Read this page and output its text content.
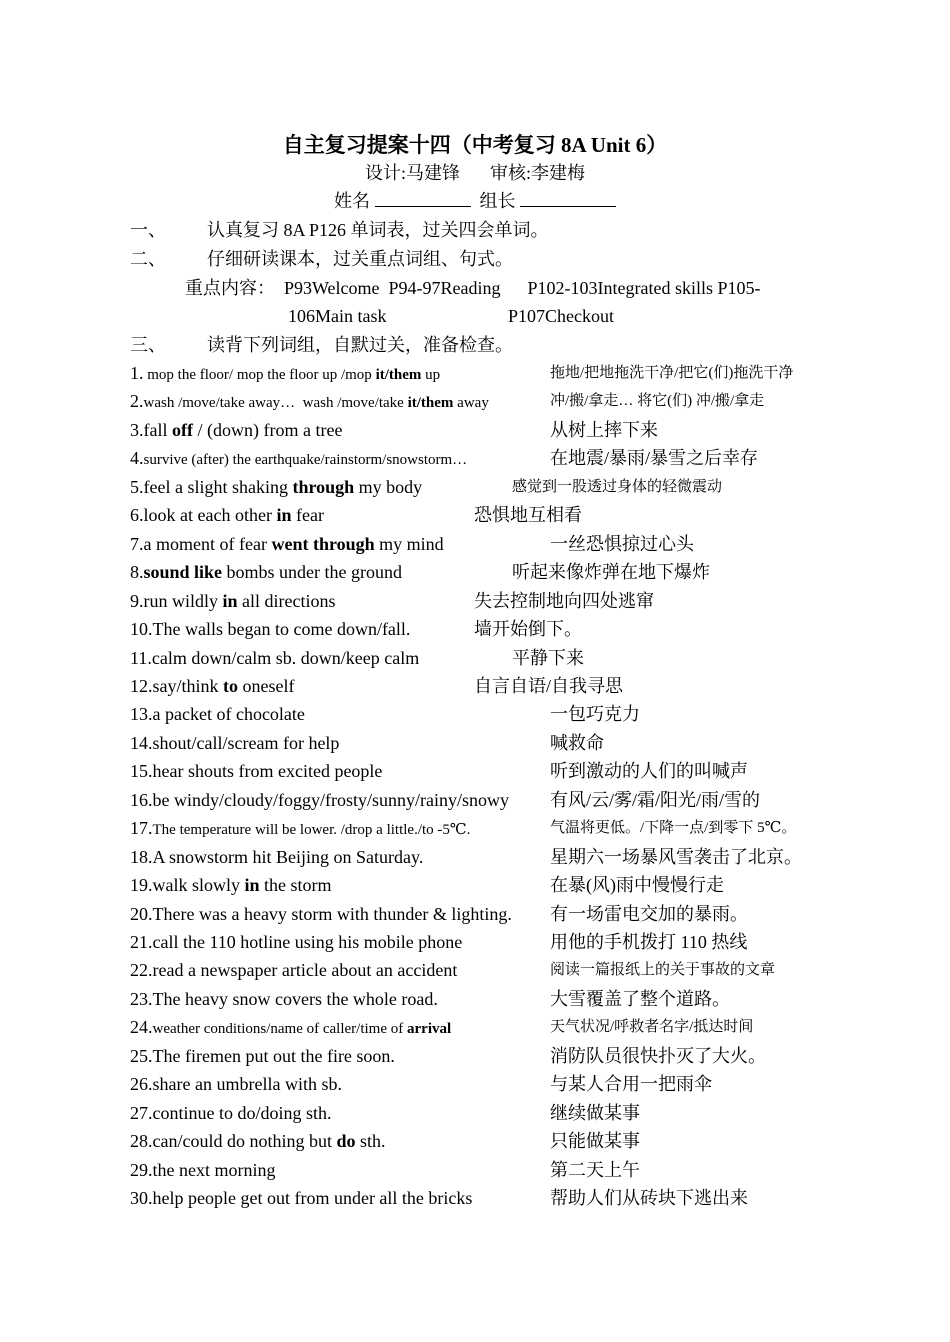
自主复习提案十四（中考复习 8A Unit 6）
设计:马建锋 审核:李建梅
姓名	组长
一、 认真复习 8A P126 单词表，过关四会单词。
二、 仔细研读课本，过关重点词组、句式。
重点内容： P93Welcome  P94-97Reading      P102-103Integrated skills P105-
106Main task                           P107Checkout
三、 读背下列词组，自默过关，准备检查。
1. mop the floor/ mop the floor up /mop it/them up	拖地/把地拖洗干净/把它(们)拖洗干净
2.wash /move/take away…  wash /move/take it/them away	冲/搬/拿走… 将它(们) 冲/搬/拿走
3.fall off / (down) from a tree	从树上摔下来
4.survive (after) the earthquake/rainstorm/snowstorm…	在地震/暴雨/暴雪之后幸存
5.feel a slight shaking through my body	感觉到一股透过身体的轻微震动
6.look at each other in fear	恐惧地互相看
7.a moment of fear went through my mind	一丝恐惧掠过心头
8.sound like bombs under the ground	听起来像炸弹在地下爆炸
9.run wildly in all directions	失去控制地向四处逃窜
10.The walls began to come down/fall.	墙开始倒下。
11.calm down/calm sb. down/keep calm	平静下来
12.say/think to oneself	自言自语/自我寻思
13.a packet of chocolate	一包巧克力
14.shout/call/scream for help	喊救命
15.hear shouts from excited people	听到激动的人们的叫喊声
16.be windy/cloudy/foggy/frosty/sunny/rainy/snowy 有风/云/雾/霜/阳光/雨/雪的
17.The temperature will be lower. /drop a little./to -5℃.	气温将更低。/下降一点/到零下 5℃。
18.A snowstorm hit Beijing on Saturday.	星期六一场暴风雪袭击了北京。
19.walk slowly in the storm	在暴(风)雨中慢慢行走
20.There was a heavy storm with thunder & lighting. 有一场雷电交加的暴雨。
21.call the 110 hotline using his mobile phone	用他的手机拨打 110 热线
22.read a newspaper article about an accident	阅读一篇报纸上的关于事故的文章
23.The heavy snow covers the whole road.	大雪覆盖了整个道路。
24.weather conditions/name of caller/time of arrival	天气状况/呼救者名字/抵达时间
25.The firemen put out the fire soon.	消防队员很快扑灭了大火。
26.share an umbrella with sb.	与某人合用一把雨伞
27.continue to do/doing sth.	继续做某事
28.can/could do nothing but do sth.	只能做某事
29.the next morning	第二天上午
30.help people get out from under all the bricks	帮助人们从砖块下逃出来
